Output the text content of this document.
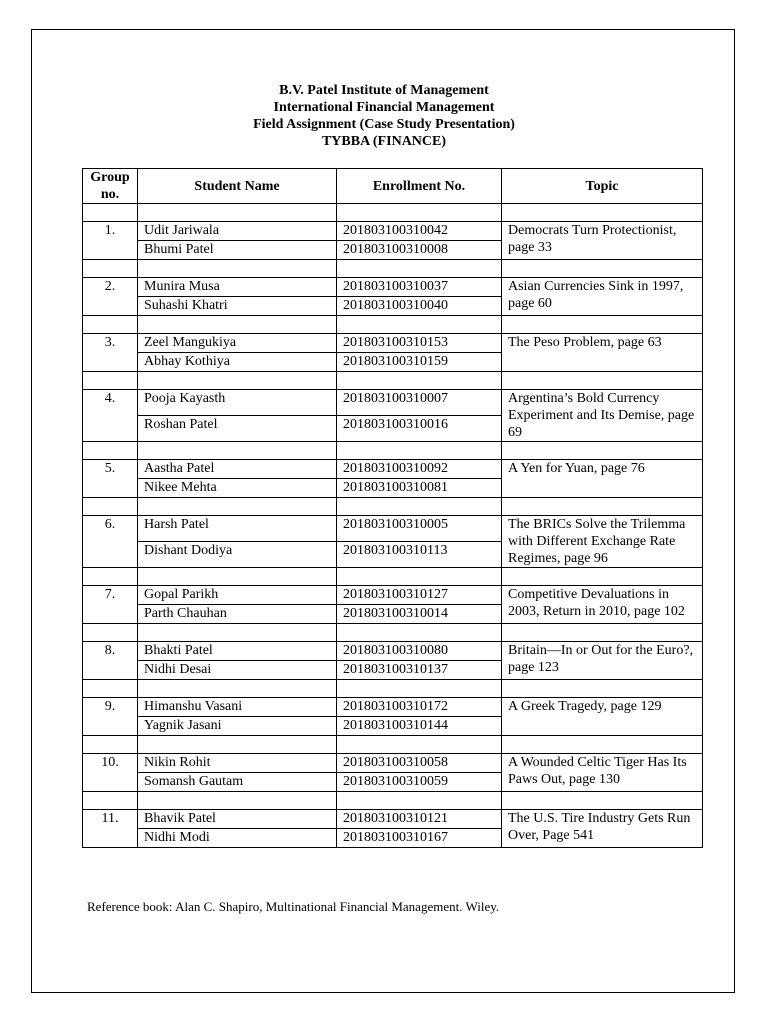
B.V. Patel Institute of Management
International Financial Management
Field Assignment (Case Study Presentation)
TYBBA (FINANCE)
Group
no.	Student Name	Enrollment No.	Topic

1.	Udit Jariwala	201803100310042	Democrats Turn Protectionist, page 33
	Bhumi Patel	201803100310008	

2.	Munira Musa	201803100310037	Asian Currencies Sink in 1997, page 60
	Suhashi Khatri	201803100310040	

3.	Zeel Mangukiya	201803100310153	The Peso Problem, page 63
	Abhay Kothiya	201803100310159	

4.	Pooja Kayasth	201803100310007	Argentina’s Bold Currency Experiment and Its Demise, page 69
	Roshan Patel	201803100310016	

5.	Aastha Patel	201803100310092	A Yen for Yuan, page 76
	Nikee Mehta	201803100310081	

6.	Harsh Patel	201803100310005	The BRICs Solve the Trilemma with Different Exchange Rate Regimes, page 96
	Dishant Dodiya	201803100310113	

7.	Gopal Parikh	201803100310127	Competitive Devaluations in 2003, Return in 2010, page 102
	Parth Chauhan	201803100310014	

8.	Bhakti Patel	201803100310080	Britain—In or Out for the Euro?, page 123
	Nidhi Desai	201803100310137	

9.	Himanshu Vasani	201803100310172	A Greek Tragedy, page 129
	Yagnik Jasani	201803100310144	

10.	Nikin Rohit	201803100310058	A Wounded Celtic Tiger Has Its Paws Out, page 130
	Somansh Gautam	201803100310059	

11.	Bhavik Patel	201803100310121	The U.S. Tire Industry Gets Run Over, Page 541
	Nidhi Modi	201803100310167	
Reference book: Alan C. Shapiro, Multinational Financial Management. Wiley.
